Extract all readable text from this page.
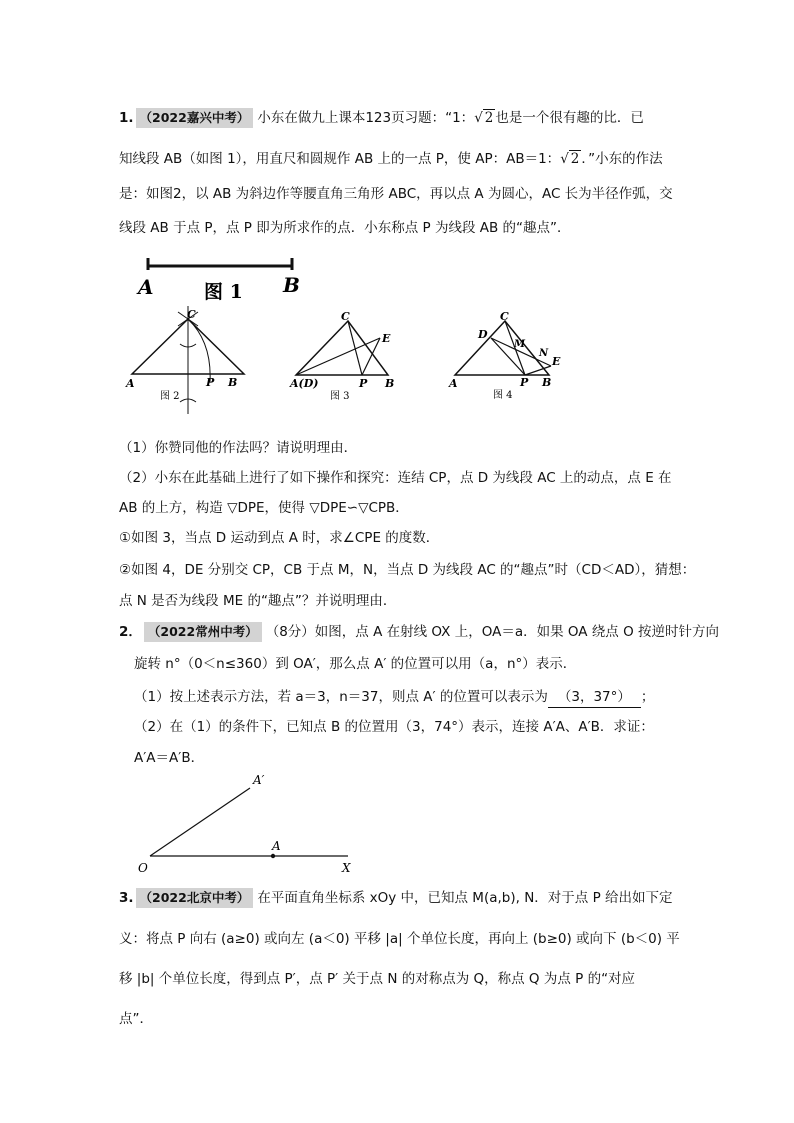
1. （2022嘉兴中考） 小东在做九上课本123页习题：“1：√ 2 也是一个很有趣的比．已
知线段 AB（如图 1），用直尺和圆规作 AB 上的一点 P，使 AP：AB＝1：√ 2 ．”小东的作法
是：如图2，以 AB 为斜边作等腰直角三角形 ABC，再以点 A 为圆心，AC 长为半径作弧，交
线段 AB 于点 P，点 P 即为所求作的点．小东称点 P 为线段 AB 的“趣点”．
A	B
图 1
C
A	P B
图 2
C
E
A(D)	P B
图 3
C
D
M
N
E
A	P B
图 4
（1）你赞同他的作法吗？请说明理由．
（2）小东在此基础上进行了如下操作和探究：连结 CP，点 D 为线段 AC 上的动点，点 E 在
AB 的上方，构造 ▽DPE，使得 ▽DPE∽▽CPB．
①如图 3，当点 D 运动到点 A 时，求∠CPE 的度数．
②如图 4，DE 分别交 CP，CB 于点 M，N，当点 D 为线段 AC 的“趣点”时（CD＜AD），猜想：
点 N 是否为线段 ME 的“趣点”？并说明理由．
2． （2022常州中考） （8分）如图，点 A 在射线 OX 上，OA＝a．如果 OA 绕点 O 按逆时针方向
旋转 n°（0＜n≤360）到 OA′，那么点 A′ 的位置可以用（a，n°）表示．
（1）按上述表示方法，若 a＝3，n＝37，则点 A′ 的位置可以表示为 （3，37°） ；
（2）在（1）的条件下，已知点 B 的位置用（3，74°）表示，连接 A′A、A′B．求证：
A′A＝A′B．
A′
A
O	X
3. （2022北京中考） 在平面直角坐标系 xOy 中，已知点 M(a,b), N．对于点 P 给出如下定
义：将点 P 向右 (a≥0) 或向左 (a＜0) 平移 |a| 个单位长度，再向上 (b≥0) 或向下 (b＜0) 平
移 |b| 个单位长度，得到点 P′，点 P′ 关于点 N 的对称点为 Q，称点 Q 为点 P 的“对应
点”．
